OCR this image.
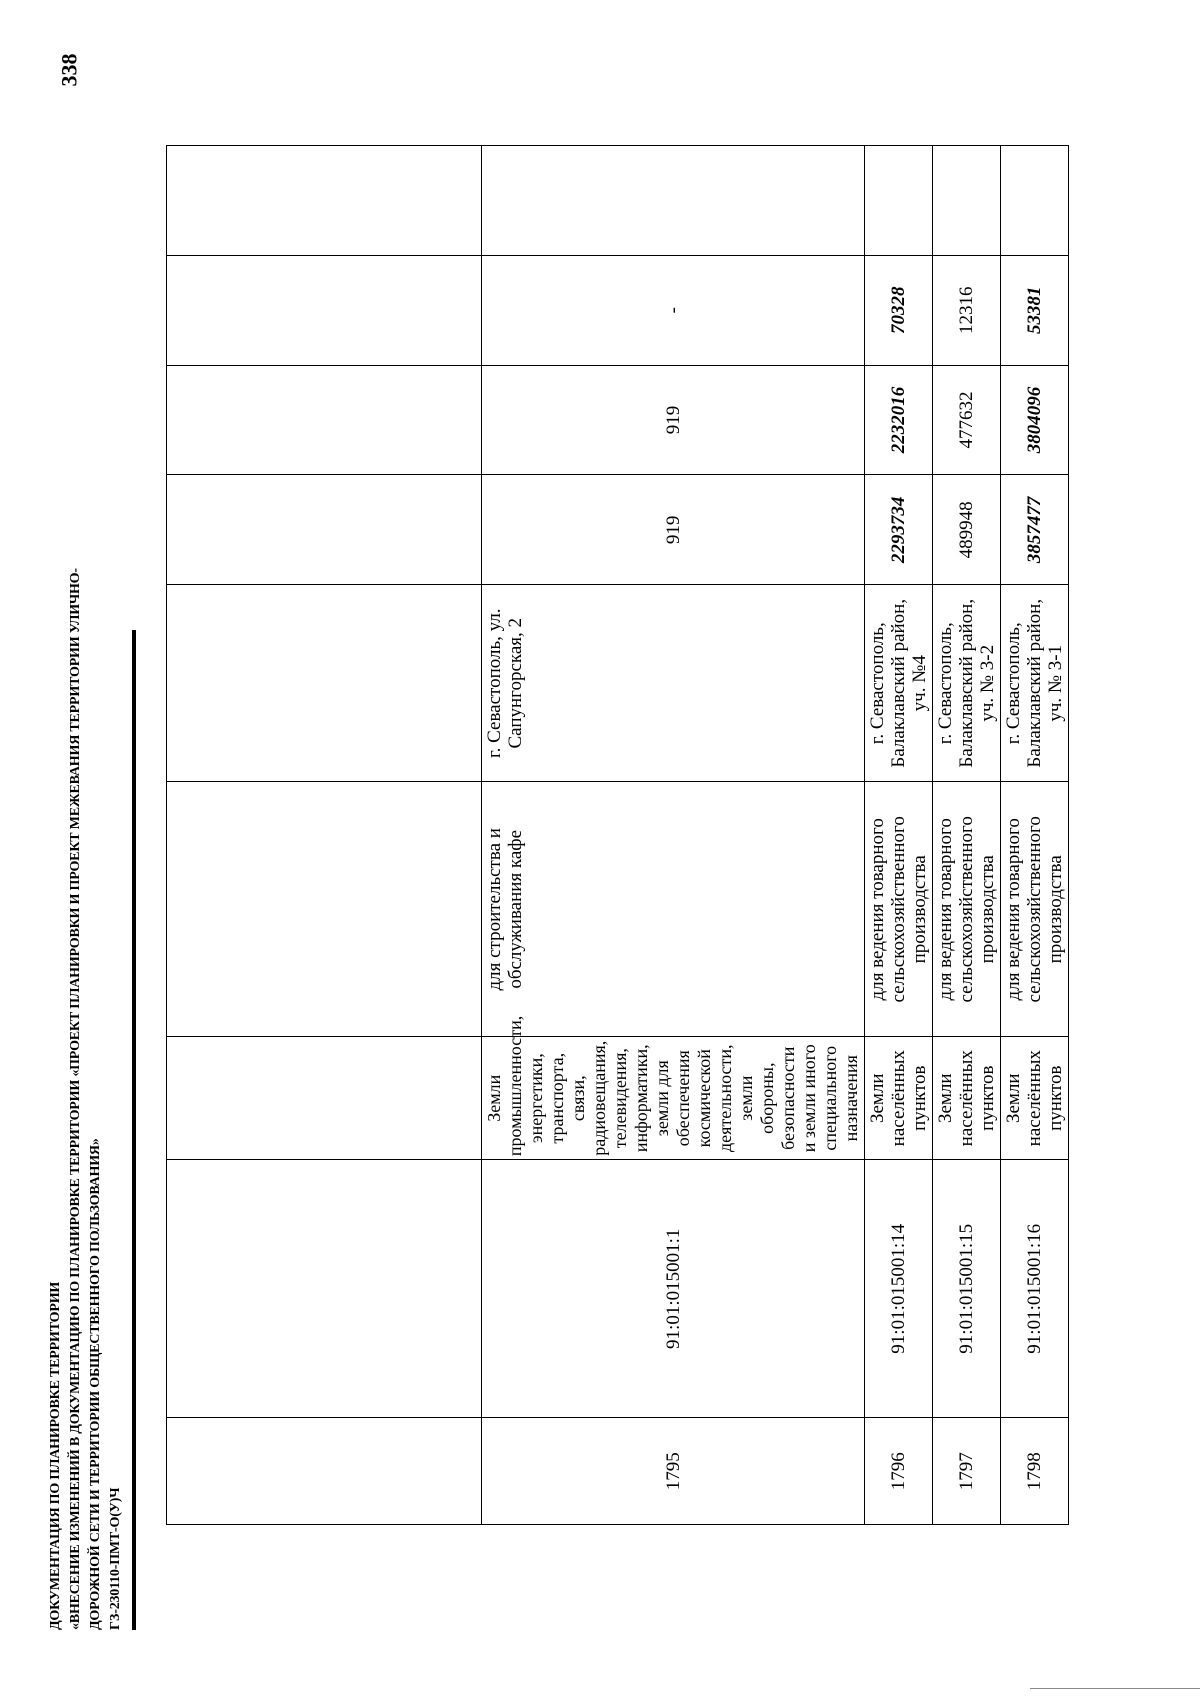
338
ДОКУМЕНТАЦИЯ ПО ПЛАНИРОВКЕ ТЕРРИТОРИИ «ВНЕСЕНИЕ ИЗМЕНЕНИЙ В ДОКУМЕНТАЦИЮ ПО ПЛАНИРОВКЕ ТЕРРИТОРИИ «ПРОЕКТ ПЛАНИРОВКИ И ПРОЕКТ МЕЖЕВАНИЯ ТЕРРИТОРИИ УЛИЧНО- ДОРОЖНОЙ СЕТИ И ТЕРРИТОРИИ ОБЩЕСТВЕННОГО ПОЛЬЗОВАНИЯ» ГЗ-230110-ПМТ-О(У)Ч

1795	91:01:015001:1	Земли промышленности, энергетики, транспорта, связи, радиовещания, телевидения, информатики, земли для обеспечения космической деятельности, земли обороны, безопасности и земли иного специального назначения	для строительства и обслуживания кафе	г. Севастополь, ул. Сапунгорская, 2	919	919	-	
1796	91:01:015001:14	Земли населённых пунктов	для ведения товарного сельскохозяйственного производства	г. Севастополь, Балаклавский район, уч. №4	2293734	2232016	70328	
1797	91:01:015001:15	Земли населённых пунктов	для ведения товарного сельскохозяйственного производства	г. Севастополь, Балаклавский район, уч. № 3-2	489948	477632	12316	
1798	91:01:015001:16	Земли населённых пунктов	для ведения товарного сельскохозяйственного производства	г. Севастополь, Балаклавский район, уч. № 3-1	3857477	3804096	53381	
